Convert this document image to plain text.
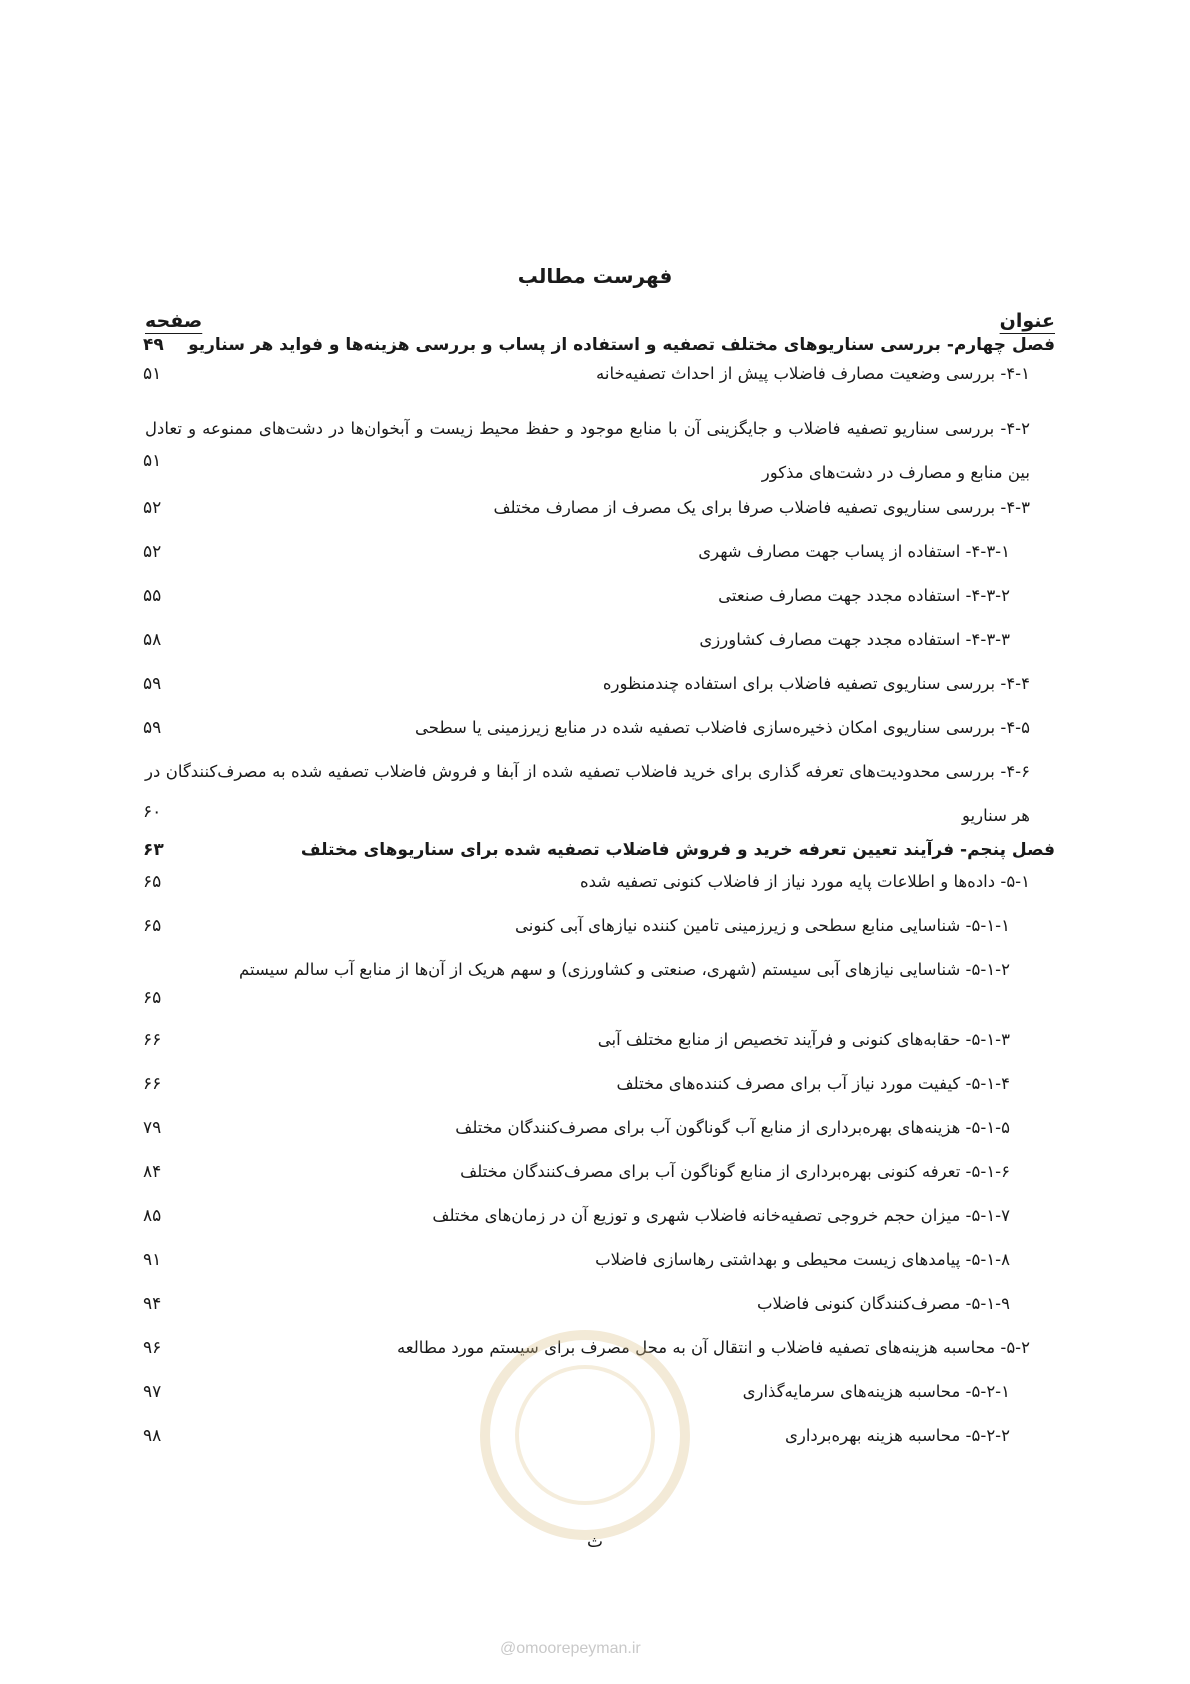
فهرست مطالب
عنوان
صفحه
فصل چهارم- بررسی سناریوهای مختلف تصفیه و استفاده از پساب و بررسی هزینه‌ها و فواید هر سناریو
۴۹
۴-۱- بررسی وضعیت مصارف فاضلاب پیش از احداث تصفیه‌خانه
۵۱
۴-۲- بررسی سناریو تصفیه فاضلاب و جایگزینی آن با منابع موجود و حفظ محیط زیست و آبخوان‌ها در دشت‌های ممنوعه و تعادل بین منابع و مصارف در دشت‌های مذکور
۵۱
۴-۳- بررسی سناریوی تصفیه فاضلاب صرفا برای یک مصرف از مصارف مختلف
۵۲
۴-۳-۱- استفاده از پساب جهت مصارف شهری
۵۲
۴-۳-۲- استفاده مجدد جهت مصارف صنعتی
۵۵
۴-۳-۳- استفاده مجدد جهت مصارف کشاورزی
۵۸
۴-۴- بررسی سناریوی تصفیه فاضلاب برای استفاده چندمنظوره
۵۹
۴-۵- بررسی سناریوی امکان ذخیره‌سازی فاضلاب تصفیه شده در منابع زیرزمینی یا سطحی
۵۹
۴-۶- بررسی محدودیت‌های تعرفه گذاری برای خرید فاضلاب تصفیه شده از آبفا و فروش فاضلاب تصفیه شده به مصرف‌کنندگان در هر سناریو
۶۰
فصل پنجم- فرآیند تعیین تعرفه خرید و فروش فاضلاب تصفیه شده برای سناریوهای مختلف
۶۳
۵-۱- داده‌ها و اطلاعات پایه مورد نیاز از فاضلاب کنونی تصفیه شده
۶۵
۵-۱-۱- شناسایی منابع سطحی و زیرزمینی تامین کننده نیازهای آبی کنونی
۶۵
۵-۱-۲- شناسایی نیازهای آبی سیستم (شهری، صنعتی و کشاورزی) و سهم هریک از آن‌ها از منابع آب سالم سیستم
۶۵
۵-۱-۳- حقابه‌های کنونی و فرآیند تخصیص از منابع مختلف آبی
۶۶
۵-۱-۴- کیفیت مورد نیاز آب برای مصرف کننده‌های مختلف
۶۶
۵-۱-۵- هزینه‌های بهره‌برداری از منابع آب گوناگون آب برای مصرف‌کنندگان مختلف
۷۹
۵-۱-۶- تعرفه کنونی بهره‌برداری از منابع گوناگون آب برای مصرف‌کنندگان مختلف
۸۴
۵-۱-۷- میزان حجم خروجی تصفیه‌خانه فاضلاب شهری و توزیع آن در زمان‌های مختلف
۸۵
۵-۱-۸- پیامدهای زیست محیطی و بهداشتی رهاسازی فاضلاب
۹۱
۵-۱-۹- مصرف‌کنندگان کنونی فاضلاب
۹۴
۵-۲- محاسبه هزینه‌های تصفیه فاضلاب و انتقال آن به محل مصرف برای سیستم مورد مطالعه
۹۶
۵-۲-۱- محاسبه هزینه‌های سرمایه‌گذاری
۹۷
۵-۲-۲- محاسبه هزینه بهره‌برداری
۹۸
ث
@omoorepeyman.ir
